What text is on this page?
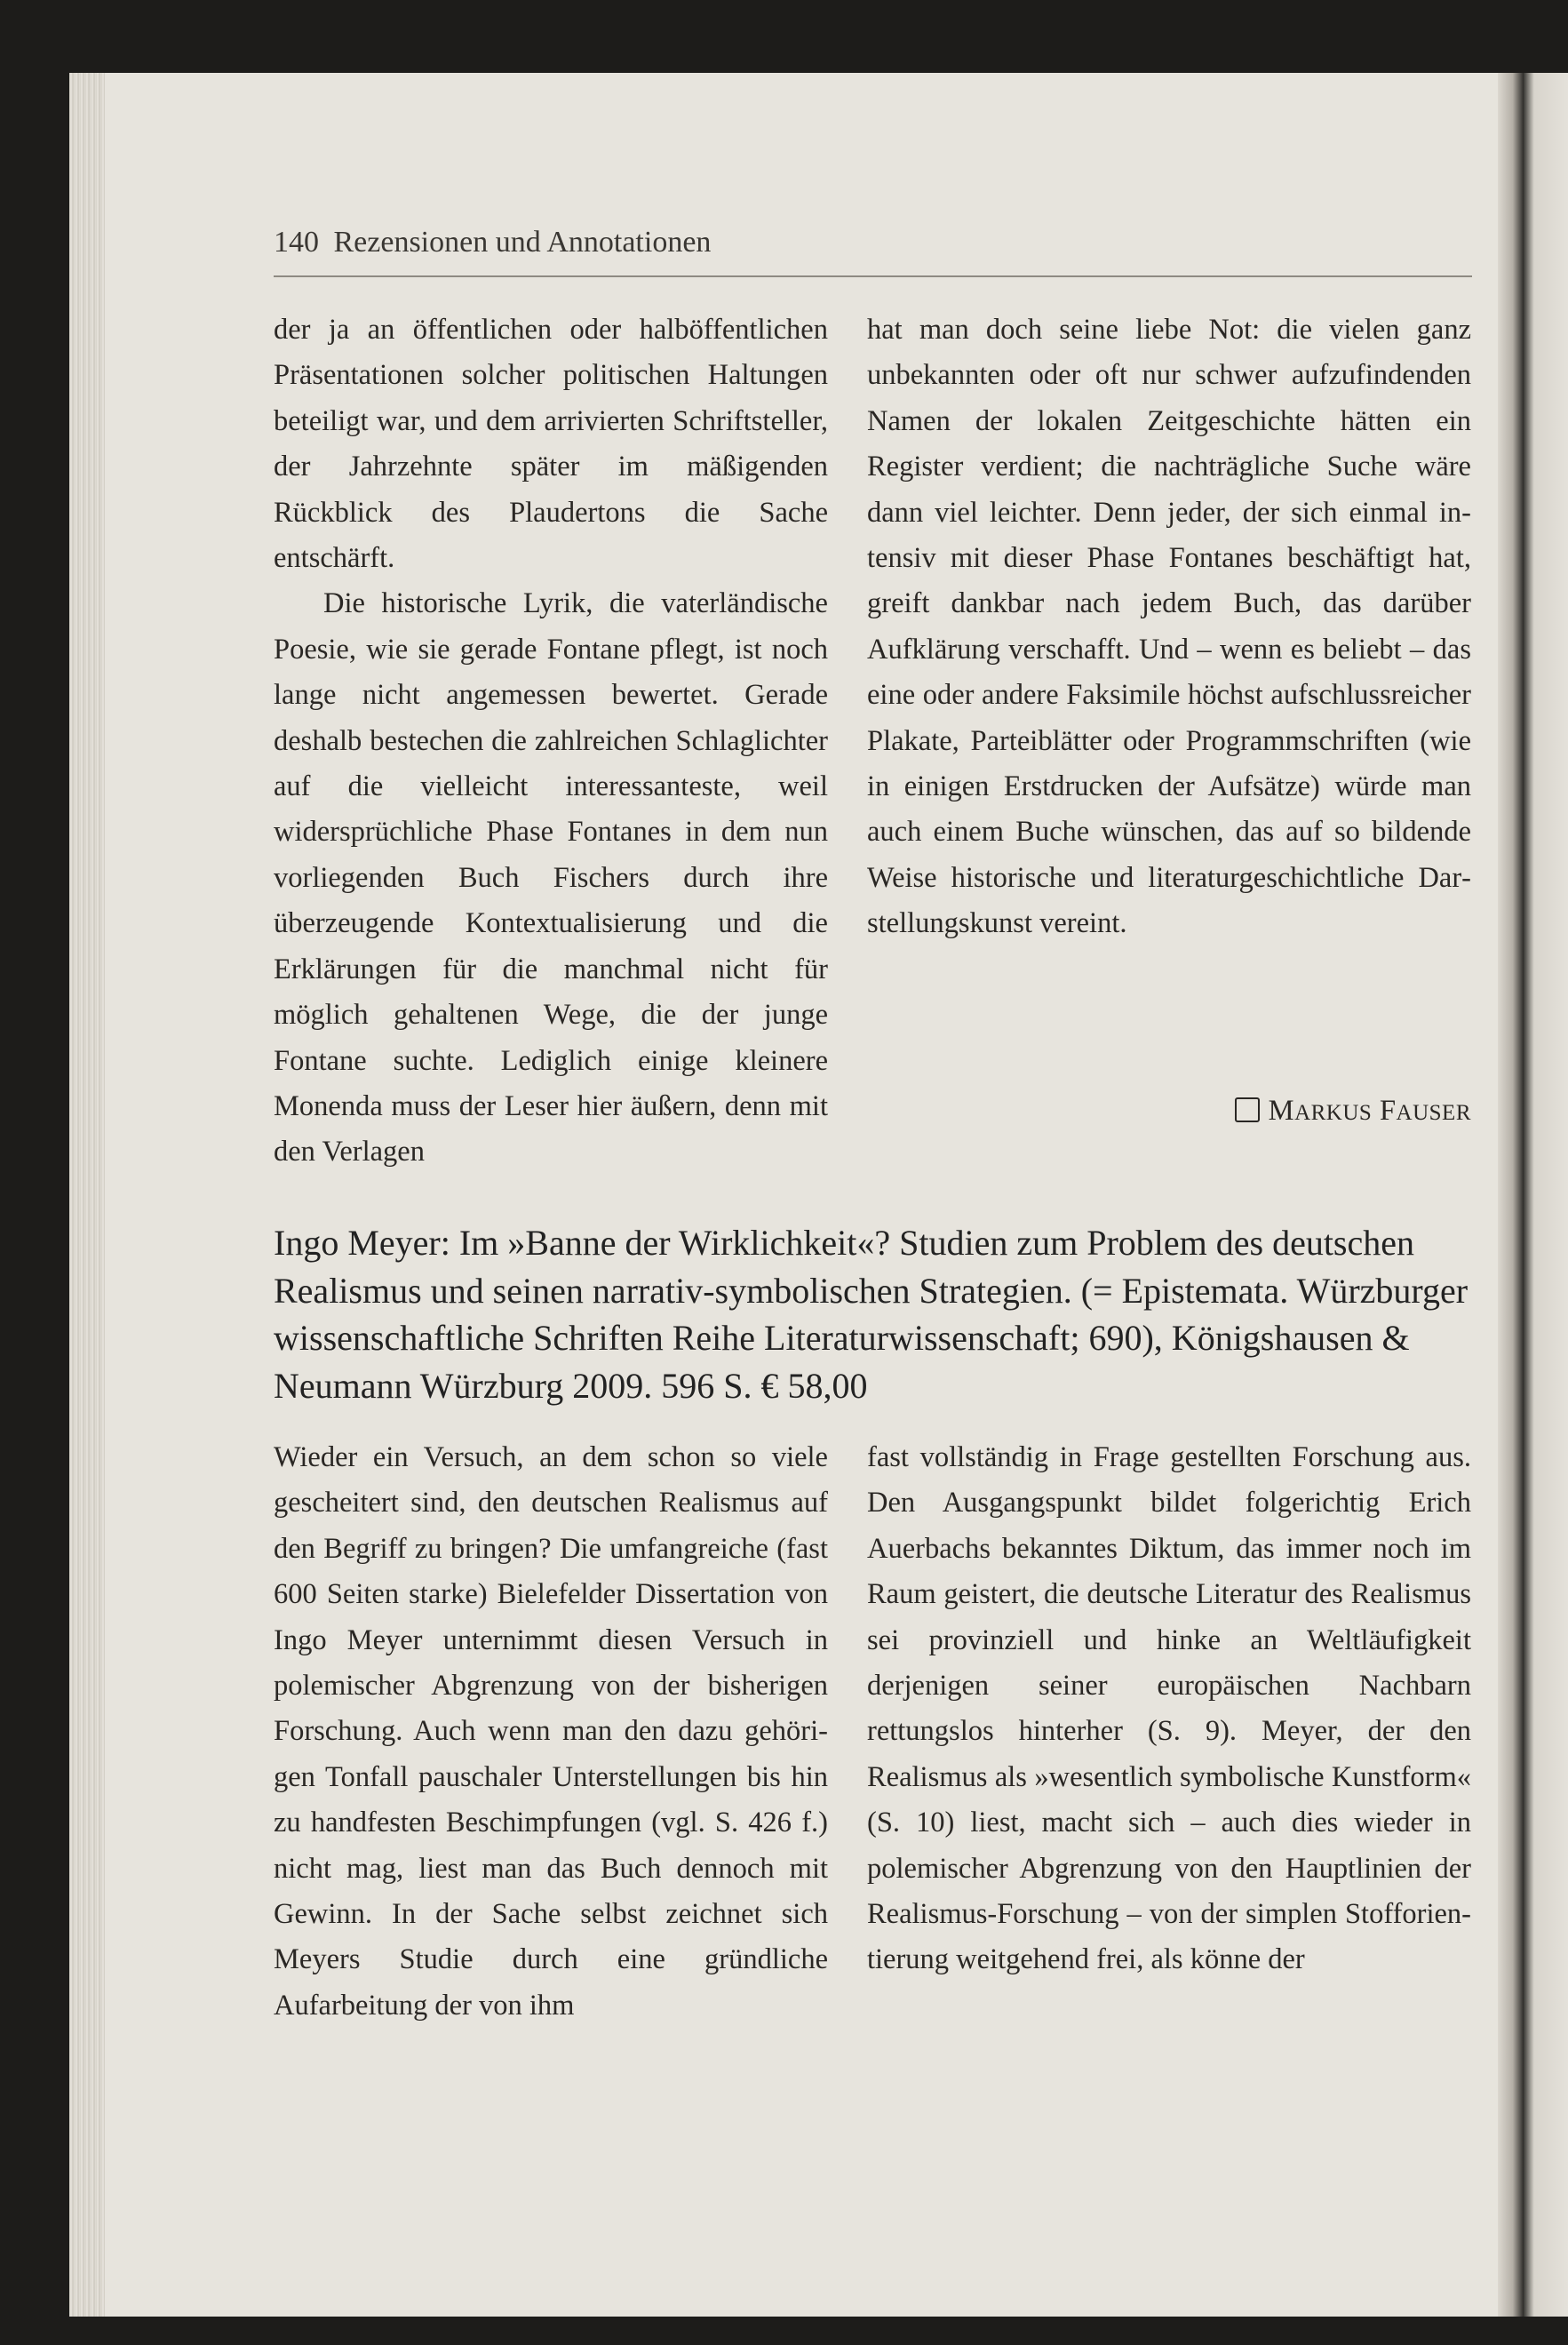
140 Rezensionen und Annotationen

der ja an öffentlichen oder halböffentlichen Präsentationen solcher politischen Haltungen beteiligt war, und dem arrivierten Schriftsteller, der Jahrzehnte später im mäßigenden Rückblick des Plaudertons die Sache entschärft.

Die historische Lyrik, die vaterländische Poesie, wie sie gerade Fontane pflegt, ist noch lange nicht angemessen bewertet. Gerade deshalb bestechen die zahlreichen Schlaglichter auf die vielleicht interessanteste, weil widersprüchliche Phase Fontanes in dem nun vorliegenden Buch Fischers durch ihre überzeugende Kontextualisierung und die Erklärungen für die manchmal nicht für möglich gehaltenen Wege, die der junge Fontane suchte. Lediglich einige kleinere Monenda muss der Leser hier äußern, denn mit den Verlagen

hat man doch seine liebe Not: die vielen ganz unbekannten oder oft nur schwer aufzufindenden Namen der lokalen Zeitgeschichte hätten ein Register verdient; die nachträgliche Suche wäre dann viel leichter. Denn jeder, der sich einmal intensiv mit dieser Phase Fontanes beschäftigt hat, greift dankbar nach jedem Buch, das darüber Aufklärung verschafft. Und – wenn es beliebt – das eine oder andere Faksimile höchst aufschlussreicher Plakate, Parteiblätter oder Programmschriften (wie in einigen Erstdrucken der Aufsätze) würde man auch einem Buche wünschen, das auf so bildende Weise historische und literaturgeschichtliche Darstellungskunst vereint.

MARKUS FAUSER
Ingo Meyer: Im »Banne der Wirklichkeit«? Studien zum Problem des deutschen Realismus und seinen narrativ-symbolischen Strategien. (= Epistemata. Würzburger wissenschaftliche Schriften Reihe Literaturwissenschaft; 690), Königshausen & Neumann Würzburg 2009. 596 S. € 58,00

Wieder ein Versuch, an dem schon so viele gescheitert sind, den deutschen Realismus auf den Begriff zu bringen? Die umfangreiche (fast 600 Seiten starke) Bielefelder Dissertation von Ingo Meyer unternimmt diesen Versuch in polemischer Abgrenzung von der bisherigen Forschung. Auch wenn man den dazu gehörigen Tonfall pauschaler Unterstellungen bis hin zu handfesten Beschimpfungen (vgl. S. 426 f.) nicht mag, liest man das Buch dennoch mit Gewinn. In der Sache selbst zeichnet sich Meyers Studie durch eine gründliche Aufarbeitung der von ihm

fast vollständig in Frage gestellten Forschung aus. Den Ausgangspunkt bildet folgerichtig Erich Auerbachs bekanntes Diktum, das immer noch im Raum geistert, die deutsche Literatur des Realismus sei provinziell und hinke an Weltläufigkeit derjenigen seiner europäischen Nachbarn rettungslos hinterher (S. 9). Meyer, der den Realismus als »wesentlich symbolische Kunstform« (S. 10) liest, macht sich – auch dies wieder in polemischer Abgrenzung von den Hauptlinien der Realismus-Forschung – von der simplen Stofforientierung weitgehend frei, als könne der
